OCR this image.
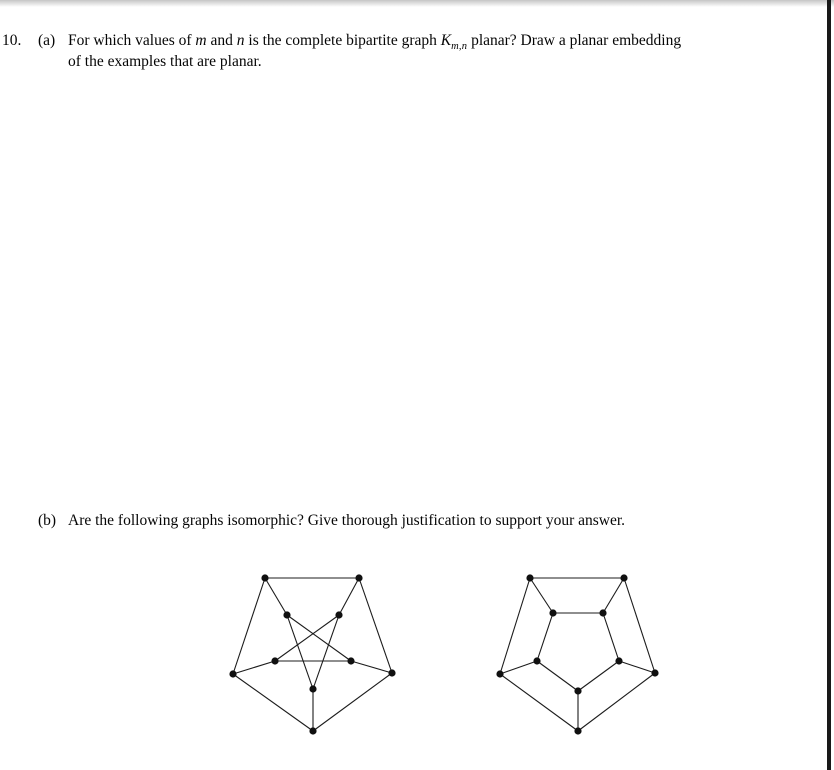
10.	(a) For which values of m and n is the complete bipartite graph $K_{m,n}$ planar? Draw a planar embedding
of the examples that are planar.
(b) Are the following graphs isomorphic? Give thorough justification to support your answer.
